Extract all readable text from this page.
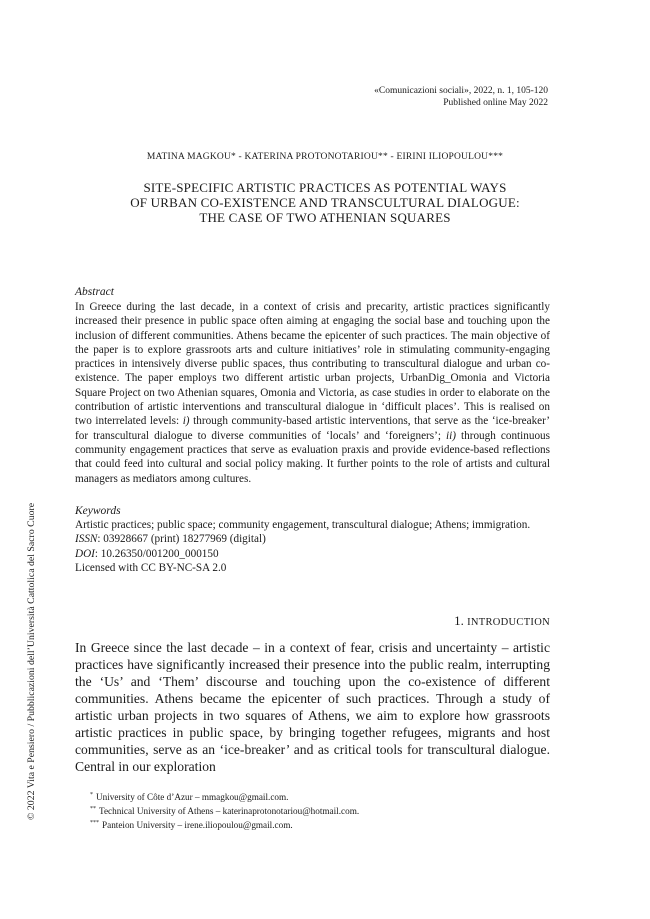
«Comunicazioni sociali», 2022, n. 1, 105-120
Published online May 2022
MATINA MAGKOU* - KATERINA PROTONOTARIOU** - EIRINI ILIOPOULOU***
SITE-SPECIFIC ARTISTIC PRACTICES AS POTENTIAL WAYS
OF URBAN CO-EXISTENCE AND TRANSCULTURAL DIALOGUE:
THE CASE OF TWO ATHENIAN SQUARES
Abstract
In Greece during the last decade, in a context of crisis and precarity, artistic practices significantly increased their presence in public space often aiming at engaging the social base and touching upon the inclusion of different communities. Athens became the epicenter of such practices. The main objective of the paper is to explore grassroots arts and culture initiatives’ role in stimulating community-engaging practices in intensively diverse public spaces, thus contributing to transcultural dialogue and urban co-existence. The paper employs two different artistic urban projects, UrbanDig_Omonia and Victoria Square Project on two Athenian squares, Omonia and Victoria, as case studies in order to elaborate on the contribution of artistic interventions and transcultural dialogue in ‘difficult places’. This is realised on two interrelated levels: i) through community-based artistic interventions, that serve as the ‘ice-breaker’ for transcultural dialogue to diverse communities of ‘locals’ and ‘foreigners’; ii) through continuous community engagement practices that serve as evaluation praxis and provide evidence-based reflections that could feed into cultural and social policy making. It further points to the role of artists and cultural managers as mediators among cultures.
Keywords
Artistic practices; public space; community engagement, transcultural dialogue; Athens; immigration.
ISSN: 03928667 (print) 18277969 (digital)
DOI: 10.26350/001200_000150
Licensed with CC BY-NC-SA 2.0
1. INTRODUCTION
In Greece since the last decade – in a context of fear, crisis and uncertainty – artistic practices have significantly increased their presence into the public realm, interrupting the ‘Us’ and ‘Them’ discourse and touching upon the co-existence of different communities. Athens became the epicenter of such practices. Through a study of artistic urban projects in two squares of Athens, we aim to explore how grassroots artistic practices in public space, by bringing together refugees, migrants and host communities, serve as an ‘ice-breaker’ and as critical tools for transcultural dialogue. Central in our exploration
* University of Côte d’Azur – mmagkou@gmail.com.
** Technical University of Athens – katerinaprotonotariou@hotmail.com.
*** Panteion University – irene.iliopoulou@gmail.com.
© 2022 Vita e Pensiero / Pubblicazioni dell’Università Cattolica del Sacro Cuore
